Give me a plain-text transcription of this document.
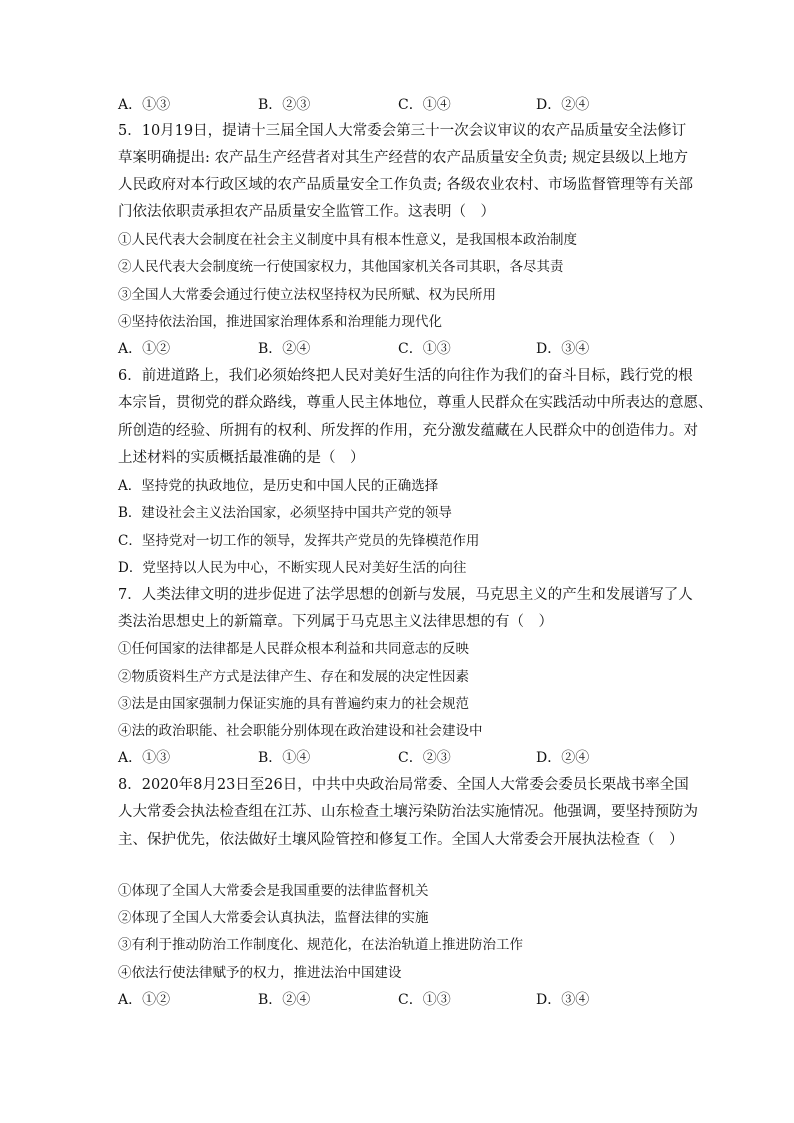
A．①③	B．②③	C．①④	D．②④
5．10月19日，提请十三届全国人大常委会第三十一次会议审议的农产品质量安全法修订
草案明确提出: 农产品生产经营者对其生产经营的农产品质量安全负责; 规定县级以上地方
人民政府对本行政区域的农产品质量安全工作负责; 各级农业农村、市场监督管理等有关部
门依法依职责承担农产品质量安全监管工作。这表明（　）
①人民代表大会制度在社会主义制度中具有根本性意义，是我国根本政治制度
②人民代表大会制度统一行使国家权力，其他国家机关各司其职，各尽其责
③全国人大常委会通过行使立法权坚持权为民所赋、权为民所用
④坚持依法治国，推进国家治理体系和治理能力现代化
A．①②	B．②④	C．①③	D．③④
6．前进道路上，我们必须始终把人民对美好生活的向往作为我们的奋斗目标，践行党的根
本宗旨，贯彻党的群众路线，尊重人民主体地位，尊重人民群众在实践活动中所表达的意愿、
所创造的经验、所拥有的权利、所发挥的作用，充分激发蕴藏在人民群众中的创造伟力。对
上述材料的实质概括最准确的是（　）
A．坚持党的执政地位，是历史和中国人民的正确选择
B．建设社会主义法治国家，必须坚持中国共产党的领导
C．坚持党对一切工作的领导，发挥共产党员的先锋模范作用
D．党坚持以人民为中心，不断实现人民对美好生活的向往
7．人类法律文明的进步促进了法学思想的创新与发展，马克思主义的产生和发展谱写了人
类法治思想史上的新篇章。下列属于马克思主义法律思想的有（　）
①任何国家的法律都是人民群众根本利益和共同意志的反映
②物质资料生产方式是法律产生、存在和发展的决定性因素
③法是由国家强制力保证实施的具有普遍约束力的社会规范
④法的政治职能、社会职能分别体现在政治建设和社会建设中
A．①③	B．①④	C．②③	D．②④
8．2020年8月23日至26日，中共中央政治局常委、全国人大常委会委员长栗战书率全国
人大常委会执法检查组在江苏、山东检查土壤污染防治法实施情况。他强调，要坚持预防为
主、保护优先，依法做好土壤风险管控和修复工作。全国人大常委会开展执法检查（　）
①体现了全国人大常委会是我国重要的法律监督机关
②体现了全国人大常委会认真执法，监督法律的实施
③有利于推动防治工作制度化、规范化，在法治轨道上推进防治工作
④依法行使法律赋予的权力，推进法治中国建设
A．①②	B．②④	C．①③	D．③④
